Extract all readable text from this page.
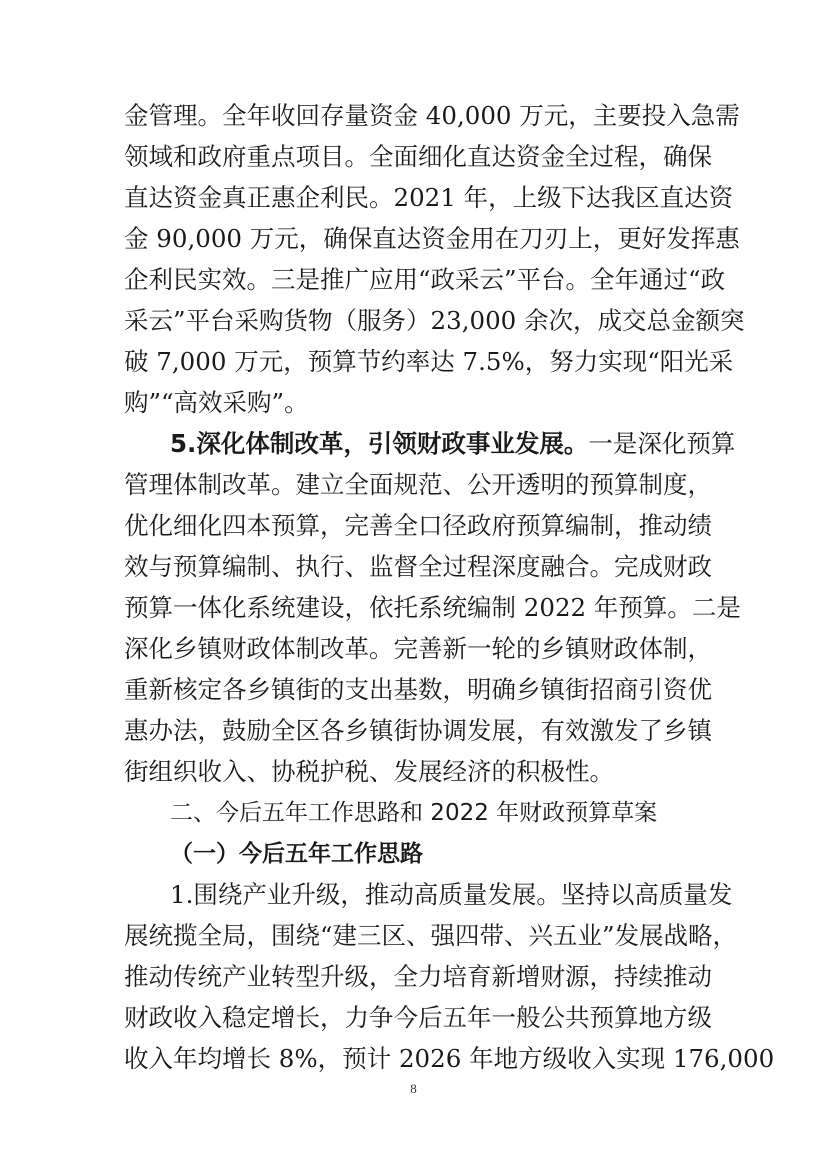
金管理。全年收回存量资金 40,000 万元，主要投入急需
领域和政府重点项目。全面细化直达资金全过程，确保
直达资金真正惠企利民。2021 年，上级下达我区直达资
金 90,000 万元，确保直达资金用在刀刃上，更好发挥惠
企利民实效。三是推广应用“政采云”平台。全年通过“政
采云”平台采购货物（服务）23,000 余次，成交总金额突
破 7,000 万元，预算节约率达 7.5%，努力实现“阳光采
购”“高效采购”。
5.深化体制改革，引领财政事业发展。一是深化预算
管理体制改革。建立全面规范、公开透明的预算制度，
优化细化四本预算，完善全口径政府预算编制，推动绩
效与预算编制、执行、监督全过程深度融合。完成财政
预算一体化系统建设，依托系统编制 2022 年预算。二是
深化乡镇财政体制改革。完善新一轮的乡镇财政体制，
重新核定各乡镇街的支出基数，明确乡镇街招商引资优
惠办法，鼓励全区各乡镇街协调发展，有效激发了乡镇
街组织收入、协税护税、发展经济的积极性。
二、今后五年工作思路和 2022 年财政预算草案
（一）今后五年工作思路
1.围绕产业升级，推动高质量发展。坚持以高质量发
展统揽全局，围绕“建三区、强四带、兴五业”发展战略，
推动传统产业转型升级，全力培育新增财源，持续推动
财政收入稳定增长，力争今后五年一般公共预算地方级
收入年均增长 8%，预计 2026 年地方级收入实现 176,000
8
